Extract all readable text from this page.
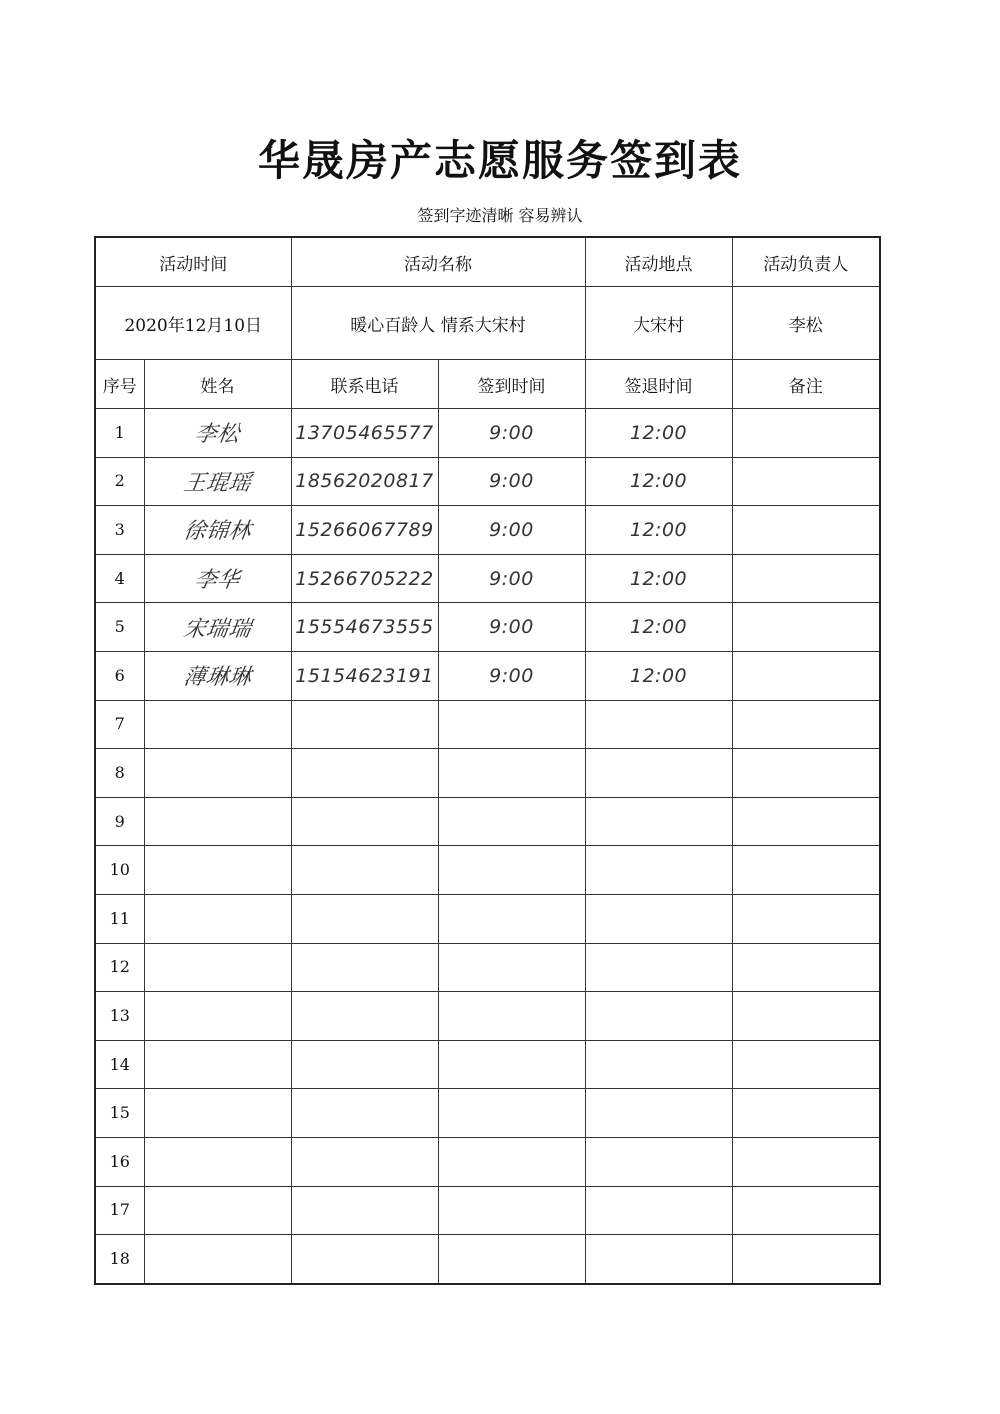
华晟房产志愿服务签到表
签到字迹清晰 容易辨认
活动时间		活动名称		活动地点	活动负责人
2020年12月10日		暖心百龄人 情系大宋村		大宋村	李松
序号	姓名	联系电话	签到时间	签退时间	备注
1	李松	13705465577	9:00	12:00	
2	王琨瑶	18562020817	9:00	12:00	
3	徐锦林	15266067789	9:00	12:00	
4	李华	15266705222	9:00	12:00	
5	宋瑞瑞	15554673555	9:00	12:00	
6	薄琳琳	15154623191	9:00	12:00	
7					
8					
9					
10					
11					
12					
13					
14					
15					
16					
17					
18					
